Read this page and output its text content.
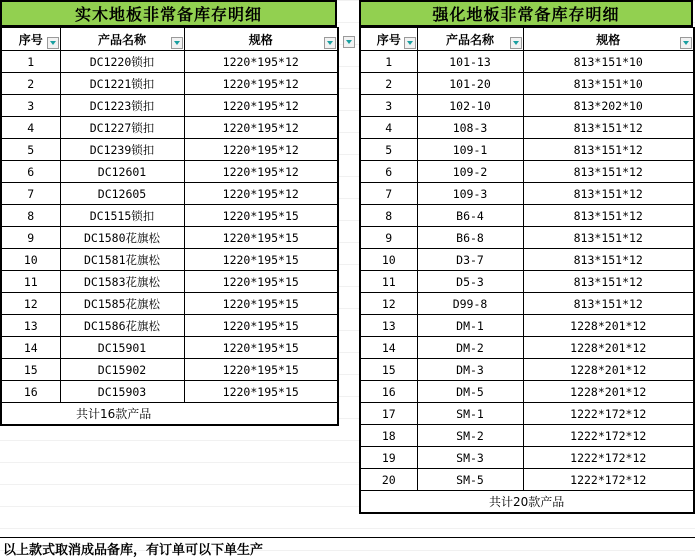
实木地板非常备库存明细
序号	产品名称	规格

1	DC1220锁扣	1220*195*12
2	DC1221锁扣	1220*195*12
3	DC1223锁扣	1220*195*12
4	DC1227锁扣	1220*195*12
5	DC1239锁扣	1220*195*12
6	DC12601	1220*195*12
7	DC12605	1220*195*12
8	DC1515锁扣	1220*195*15
9	DC1580花旗松	1220*195*15
10	DC1581花旗松	1220*195*15
11	DC1583花旗松	1220*195*15
12	DC1585花旗松	1220*195*15
13	DC1586花旗松	1220*195*15
14	DC15901	1220*195*15
15	DC15902	1220*195*15
16	DC15903	1220*195*15
共计16款产品		
强化地板非常备库存明细
序号	产品名称	规格

1	101-13	813*151*10
2	101-20	813*151*10
3	102-10	813*202*10
4	108-3	813*151*12
5	109-1	813*151*12
6	109-2	813*151*12
7	109-3	813*151*12
8	B6-4	813*151*12
9	B6-8	813*151*12
10	D3-7	813*151*12
11	D5-3	813*151*12
12	D99-8	813*151*12
13	DM-1	1228*201*12
14	DM-2	1228*201*12
15	DM-3	1228*201*12
16	DM-5	1228*201*12
17	SM-1	1222*172*12
18	SM-2	1222*172*12
19	SM-3	1222*172*12
20	SM-5	1222*172*12
共计20款产品		
以上款式取消成品备库，有订单可以下单生产
